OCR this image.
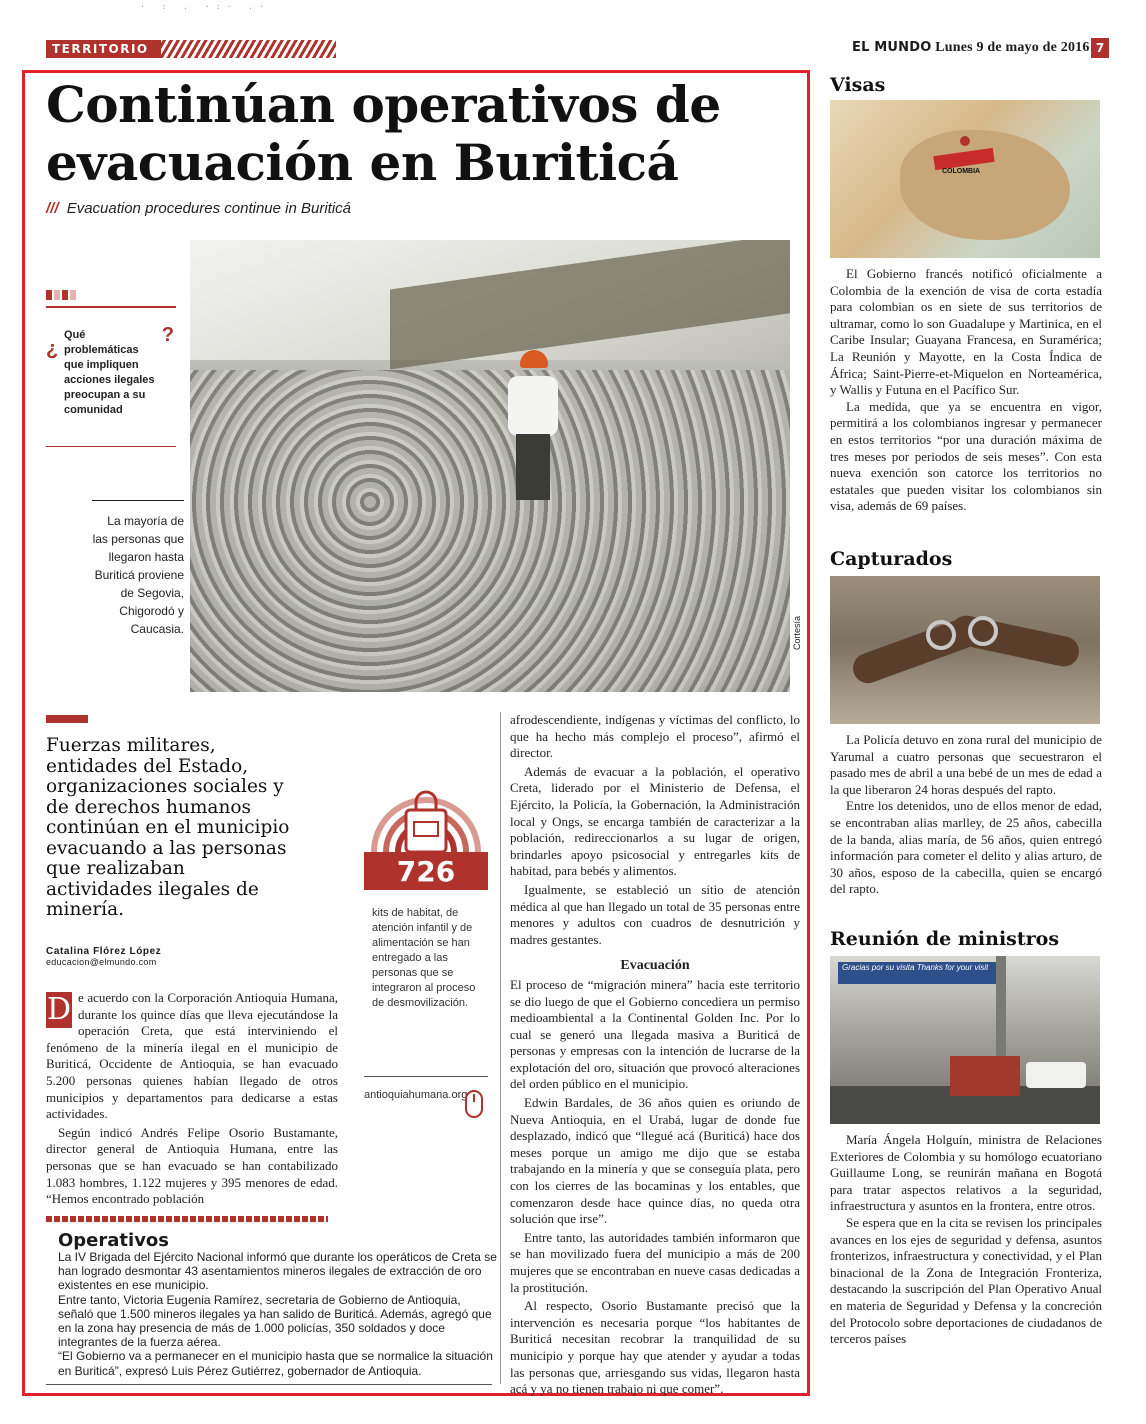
· : . ·:· .·
TERRITORIO	EL MUNDO Lunes 9 de mayo de 2016 7
Continúan operativos de evacuación en Buriticá
/// Evacuation procedures continue in Buriticá
Cortesía
¿
Qué problemáticas que impliquen acciones ilegales preocupan a su comunidad
?
La mayoría de las personas que llegaron hasta Buriticá proviene de Segovia, Chigorodó y Caucasia.
Fuerzas militares, entidades del Estado, organizaciones sociales y de derechos humanos continúan en el municipio evacuando a las personas que realizaban actividades ilegales de minería.
726
kits de habitat, de atención infantil y de alimentación se han entregado a las personas que se integraron al proceso de desmovilización.
antioquiahumana.org
Catalina Flórez López
educacion@elmundo.com

D e acuerdo con la Corporación Antioquia Humana, durante los quince días que lleva ejecutándose la operación Creta, que está interviniendo el fenómeno de la minería ilegal en el municipio de Buriticá, Occidente de Antioquia, se han evacuado 5.200 personas quienes habían llegado de otros municipios y departamentos para dedicarse a estas actividades.

Según indicó Andrés Felipe Osorio Bustamante, director general de Antioquia Humana, entre las personas que se han evacuado se han contabilizado 1.083 hombres, 1.122 mujeres y 395 menores de edad. “Hemos encontrado población

afrodescendiente, indígenas y víctimas del conflicto, lo que ha hecho más complejo el proceso”, afirmó el director.

Además de evacuar a la población, el operativo Creta, liderado por el Ministerio de Defensa, el Ejército, la Policía, la Gobernación, la Administración local y Ongs, se encarga también de caracterizar a la población, redireccionarlos a su lugar de origen, brindarles apoyo psicosocial y entregarles kits de habitad, para bebés y alimentos.

Igualmente, se estableció un sitio de atención médica al que han llegado un total de 35 personas entre menores y adultos con cuadros de desnutrición y madres gestantes.

Evacuación

El proceso de “migración minera” hacia este territorio se dio luego de que el Gobierno concediera un permiso medioambiental a la Continental Golden Inc. Por lo cual se generó una llegada masiva a Buriticá de personas y empresas con la intención de lucrarse de la explotación del oro, situación que provocó alteraciones del orden público en el municipio.

Edwin Bardales, de 36 años quien es oriundo de Nueva Antioquia, en el Urabá, lugar de donde fue desplazado, indicó que “llegué acá (Buriticá) hace dos meses porque un amigo me dijo que se estaba trabajando en la minería y que se conseguía plata, pero con los cierres de las bocaminas y los entables, que comenzaron desde hace quince días, no queda otra solución que irse”.

Entre tanto, las autoridades también informaron que se han movilizado fuera del municipio a más de 200 mujeres que se encontraban en nueve casas dedicadas a la prostitución.

Al respecto, Osorio Bustamante precisó que la intervención es necesaria porque “los habitantes de Buriticá necesitan recobrar la tranquilidad de su municipio y porque hay que atender y ayudar a todas las personas que, arriesgando sus vidas, llegaron hasta acá y ya no tienen trabajo ni que comer”.

Operativos

La IV Brigada del Ejército Nacional informó que durante los operáticos de Creta se han logrado desmontar 43 asentamientos mineros ilegales de extracción de oro existentes en ese municipio.

Entre tanto, Victoria Eugenia Ramírez, secretaria de Gobierno de Antioquia, señaló que 1.500 mineros ilegales ya han salido de Buriticá. Además, agregó que en la zona hay presencia de más de 1.000 policías, 350 soldados y doce integrantes de la fuerza aérea.

“El Gobierno va a permanecer en el municipio hasta que se normalice la situación en Buriticá”, expresó Luis Pérez Gutiérrez, gobernador de Antioquia.

Visas
COLOMBIA

El Gobierno francés notificó oficialmente a Colombia de la exención de visa de corta estadía para colombian os en siete de sus territorios de ultramar, como lo son Guadalupe y Martinica, en el Caribe Insular; Guayana Francesa, en Suramérica; La Reunión y Mayotte, en la Costa Índica de África; Saint-Pierre-et-Miquelon en Norteamérica, y Wallis y Futuna en el Pacífico Sur.

La medida, que ya se encuentra en vigor, permitirá a los colombianos ingresar y permanecer en estos territorios “por una duración máxima de tres meses por periodos de seis meses”. Con esta nueva exención son catorce los territorios no estatales que pueden visitar los colombianos sin visa, además de 69 países.

Capturados

La Policía detuvo en zona rural del municipio de Yarumal a cuatro personas que secuestraron el pasado mes de abril a una bebé de un mes de edad a la que liberaron 24 horas después del rapto.

Entre los detenidos, uno de ellos menor de edad, se encontraban alias marlley, de 25 años, cabecilla de la banda, alias maría, de 56 años, quien entregó información para cometer el delito y alias arturo, de 30 años, esposo de la cabecilla, quien se encargó del rapto.

Reunión de ministros
Gracias por su visita Thanks for your visit

María Ángela Holguín, ministra de Relaciones Exteriores de Colombia y su homólogo ecuatoriano Guillaume Long, se reunirán mañana en Bogotá para tratar aspectos relativos a la seguridad, infraestructura y asuntos en la frontera, entre otros.

Se espera que en la cita se revisen los principales avances en los ejes de seguridad y defensa, asuntos fronterizos, infraestructura y conectividad, y el Plan binacional de la Zona de Integración Fronteriza, destacando la suscripción del Plan Operativo Anual en materia de Seguridad y Defensa y la concreción del Protocolo sobre deportaciones de ciudadanos de terceros países
